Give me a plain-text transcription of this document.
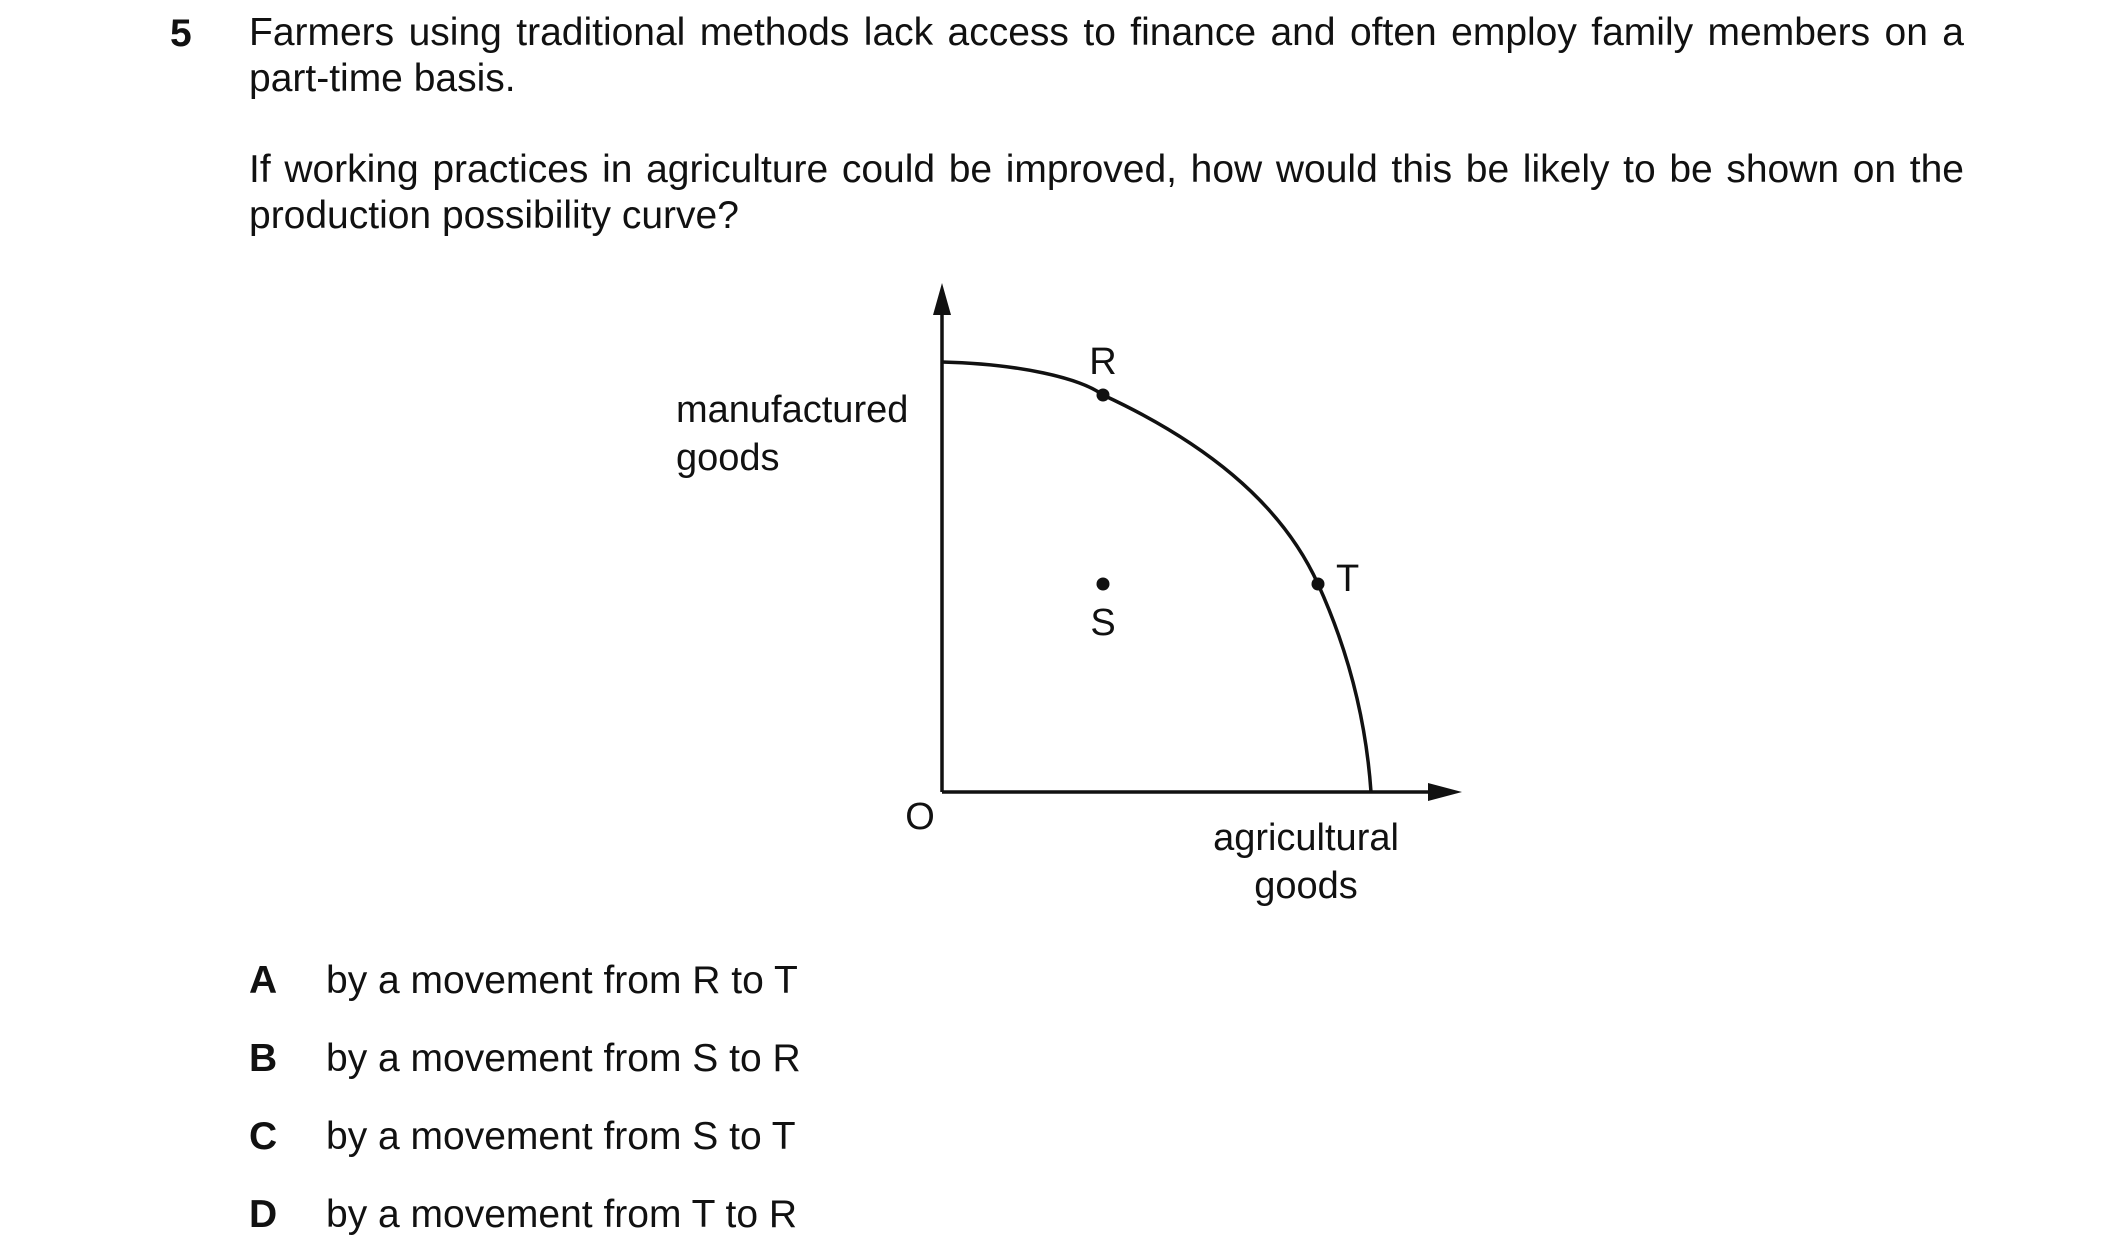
5 Farmers using traditional methods lack access to finance and often employ family members on a part-time basis.
If working practices in agriculture could be improved, how would this be likely to be shown on the production possibility curve?
R
S
T
manufactured
goods
O	agricultural
goods
A by a movement from R to T
B by a movement from S to R
C by a movement from S to T
D by a movement from T to R
